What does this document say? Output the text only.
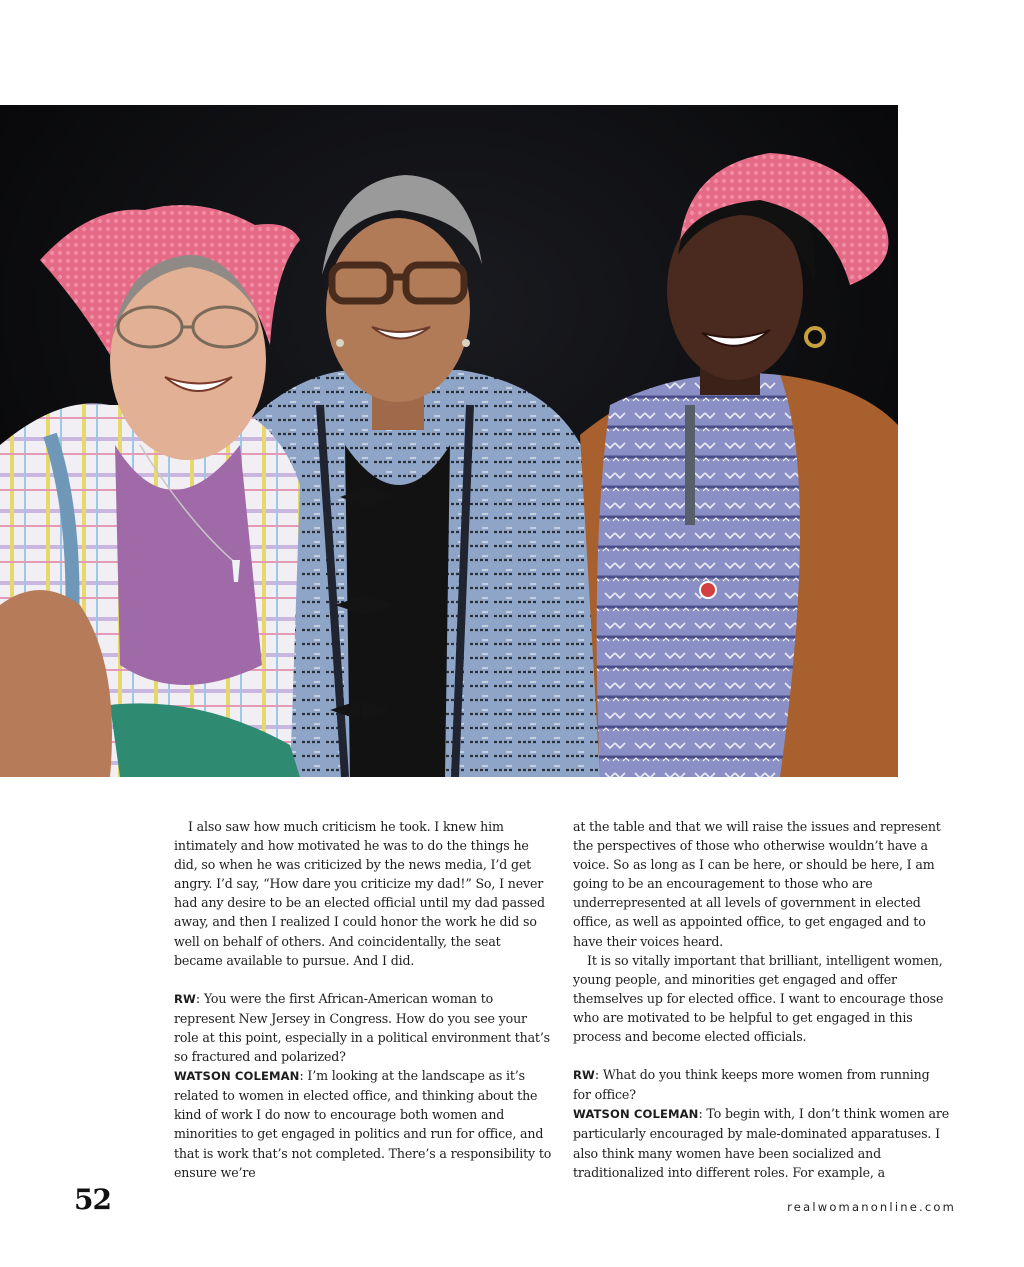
I also saw how much criticism he took. I knew him intimately and how motivated he was to do the things he did, so when he was criticized by the news media, I’d get angry. I’d say, “How dare you criticize my dad!” So, I never had any desire to be an elected official until my dad passed away, and then I realized I could honor the work he did so well on behalf of others. And coincidentally, the seat became available to pursue. And I did.

RW: You were the first African-American woman to represent New Jersey in Congress. How do you see your role at this point, especially in a political environment that’s so fractured and polarized?

WATSON COLEMAN: I’m looking at the landscape as it’s related to women in elected office, and thinking about the kind of work I do now to encourage both women and minorities to get engaged in politics and run for office, and that is work that’s not completed. There’s a responsibility to ensure we’re

at the table and that we will raise the issues and represent the perspectives of those who otherwise wouldn’t have a voice. So as long as I can be here, or should be here, I am going to be an encouragement to those who are underrepresented at all levels of government in elected office, as well as appointed office, to get engaged and to have their voices heard.

It is so vitally important that brilliant, intelligent women, young people, and minorities get engaged and offer themselves up for elected office. I want to encourage those who are motivated to be helpful to get engaged in this process and become elected officials.

RW: What do you think keeps more women from running for office?

WATSON COLEMAN: To begin with, I don’t think women are particularly encouraged by male-dominated apparatuses. I also think many women have been socialized and traditionalized into different roles. For example, a

52	realwomanonline.com
